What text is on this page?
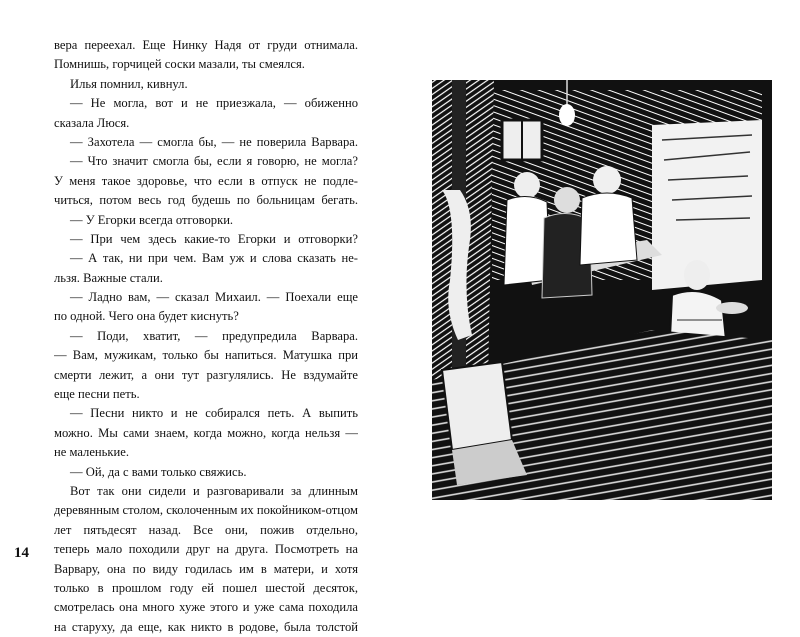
вера переехал. Еще Нинку Надя от груди отнимала.
Помнишь, горчицей соски мазали, ты смеялся.
Илья помнил, кивнул.
— Не могла, вот и не приезжала, — обиженно
сказала Люся.
— Захотела — смогла бы, — не поверила Варвара.
— Что значит смогла бы, если я говорю, не могла?
У меня такое здоровье, что если в отпуск не подле-
читься, потом весь год будешь по больницам бегать.
— У Егорки всегда отговорки.
— При чем здесь какие-то Егорки и отговорки?
— А так, ни при чем. Вам уж и слова сказать не-
льзя. Важные стали.
— Ладно вам, — сказал Михаил. — Поехали еще
по одной. Чего она будет киснуть?
— Поди, хватит, — предупредила Варвара.
— Вам, мужикам, только бы напиться. Матушка при
смерти лежит, а они тут разгулялись. Не вздумайте
еще песни петь.
— Песни никто и не собирался петь. А выпить
можно. Мы сами знаем, когда можно, когда нельзя —
не маленькие.
— Ой, да с вами только свяжись.
Вот так они сидели и разговаривали за длинным
деревянным столом, сколоченным их покойником-отцом
лет пятьдесят назад. Все они, пожив отдельно,
теперь мало походили друг на друга. Посмотреть на
Варвару, она по виду годилась им в матери, и хотя
только в прошлом году ей пошел шестой десяток,
смотрелась она много хуже этого и уже сама походила
на старуху, да еще, как никто в родове, была толстой
14
